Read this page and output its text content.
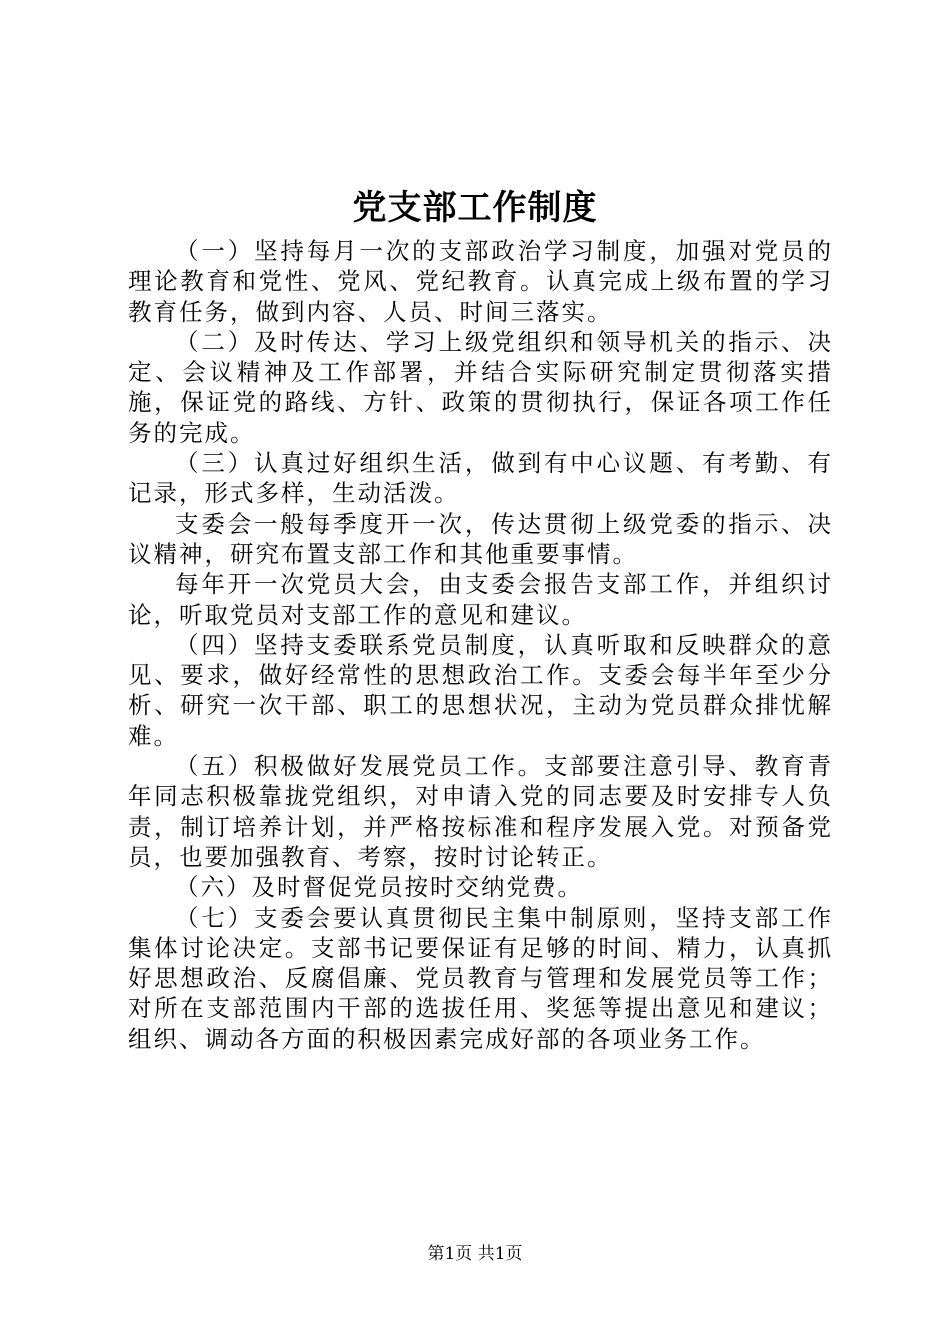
党支部工作制度

（一）坚持每月一次的支部政治学习制度，加强对党员的理论教育和党性、党风、党纪教育。认真完成上级布置的学习教育任务，做到内容、人员、时间三落实。

（二）及时传达、学习上级党组织和领导机关的指示、决定、会议精神及工作部署，并结合实际研究制定贯彻落实措施，保证党的路线、方针、政策的贯彻执行，保证各项工作任务的完成。

（三）认真过好组织生活，做到有中心议题、有考勤、有记录，形式多样，生动活泼。

支委会一般每季度开一次，传达贯彻上级党委的指示、决议精神，研究布置支部工作和其他重要事情。

每年开一次党员大会，由支委会报告支部工作，并组织讨论，听取党员对支部工作的意见和建议。

（四）坚持支委联系党员制度，认真听取和反映群众的意见、要求，做好经常性的思想政治工作。支委会每半年至少分析、研究一次干部、职工的思想状况，主动为党员群众排忧解难。

（五）积极做好发展党员工作。支部要注意引导、教育青年同志积极靠拢党组织，对申请入党的同志要及时安排专人负责，制订培养计划，并严格按标准和程序发展入党。对预备党员，也要加强教育、考察，按时讨论转正。

（六）及时督促党员按时交纳党费。

（七）支委会要认真贯彻民主集中制原则，坚持支部工作集体讨论决定。支部书记要保证有足够的时间、精力，认真抓好思想政治、反腐倡廉、党员教育与管理和发展党员等工作；对所在支部范围内干部的选拔任用、奖惩等提出意见和建议；组织、调动各方面的积极因素完成好部的各项业务工作。

第1页 共1页
